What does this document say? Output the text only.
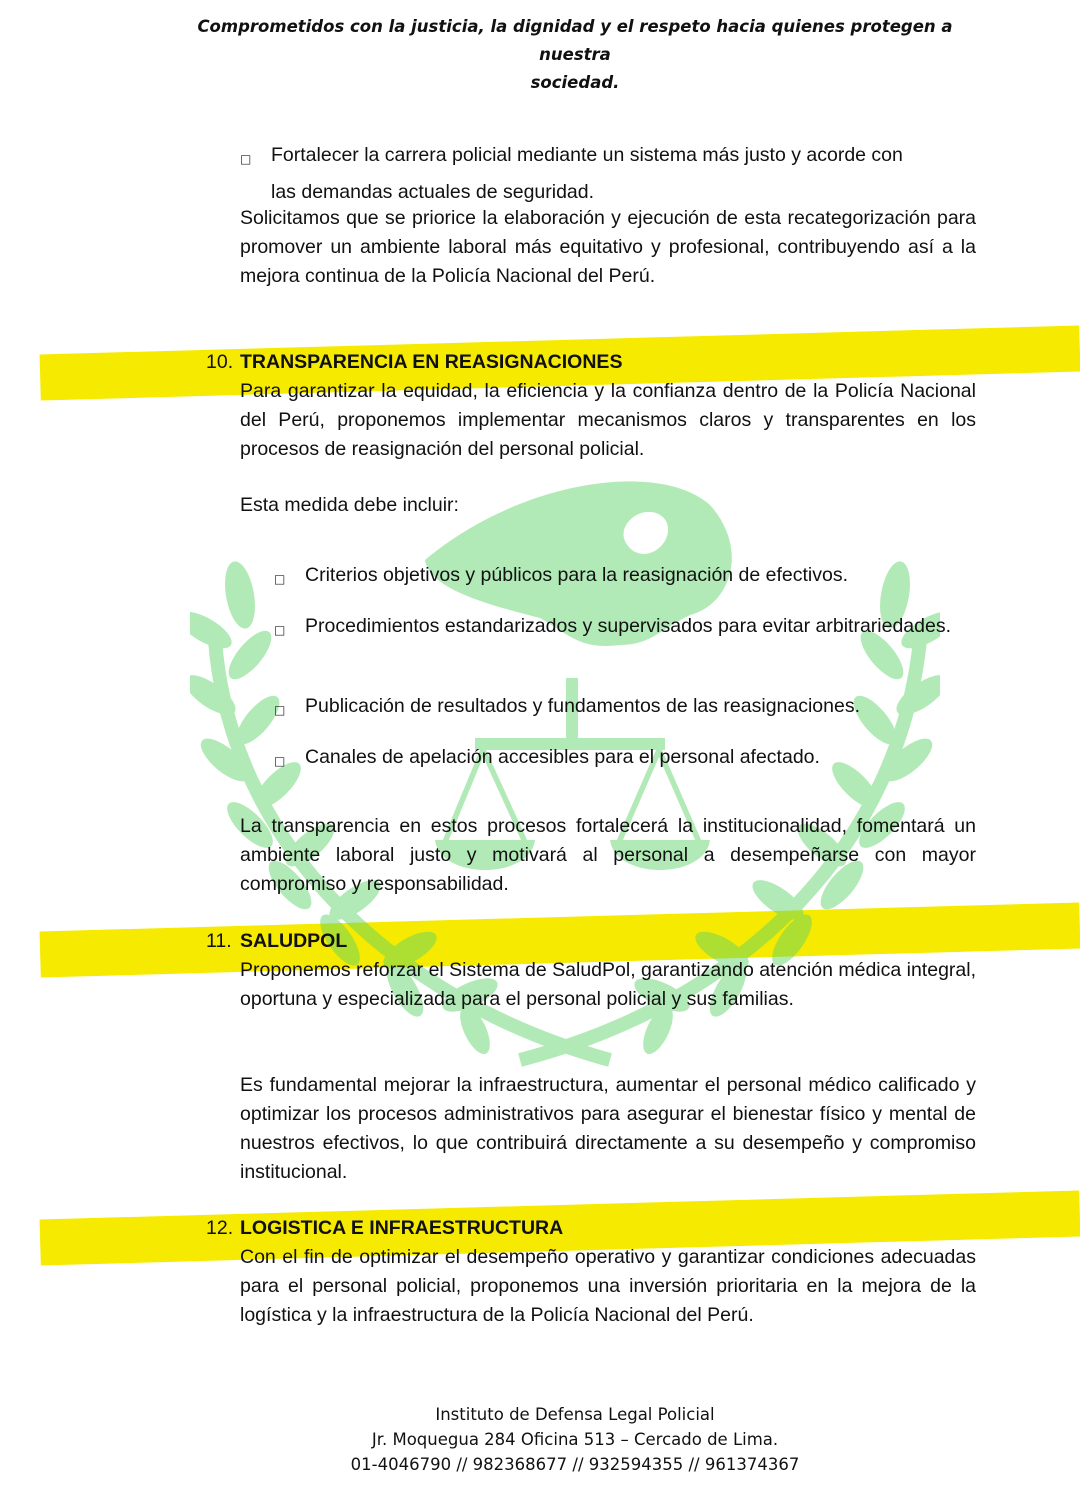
Comprometidos con la justicia, la dignidad y el respeto hacia quienes protegen a nuestra
sociedad.
□ Fortalecer la carrera policial mediante un sistema más justo y acorde con
las demandas actuales de seguridad.

Solicitamos que se priorice la elaboración y ejecución de esta recategorización para promover un ambiente laboral más equitativo y profesional, contribuyendo así a la mejora continua de la Policía Nacional del Perú.

10. TRANSPARENCIA EN REASIGNACIONES

Para garantizar la equidad, la eficiencia y la confianza dentro de la Policía Nacional del Perú, proponemos implementar mecanismos claros y transparentes en los procesos de reasignación del personal policial.

Esta medida debe incluir:

□ Criterios objetivos y públicos para la reasignación de efectivos.
□ Procedimientos estandarizados y supervisados para evitar arbitrariedades.
□ Publicación de resultados y fundamentos de las reasignaciones.
□ Canales de apelación accesibles para el personal afectado.

La transparencia en estos procesos fortalecerá la institucionalidad, fomentará un ambiente laboral justo y motivará al personal a desempeñarse con mayor compromiso y responsabilidad.

11. SALUDPOL

Proponemos reforzar el Sistema de SaludPol, garantizando atención médica integral, oportuna y especializada para el personal policial y sus familias.

Es fundamental mejorar la infraestructura, aumentar el personal médico calificado y optimizar los procesos administrativos para asegurar el bienestar físico y mental de nuestros efectivos, lo que contribuirá directamente a su desempeño y compromiso institucional.

12. LOGISTICA E INFRAESTRUCTURA

Con el fin de optimizar el desempeño operativo y garantizar condiciones adecuadas para el personal policial, proponemos una inversión prioritaria en la mejora de la logística y la infraestructura de la Policía Nacional del Perú.

Instituto de Defensa Legal Policial
Jr. Moquegua 284 Oficina 513 – Cercado de Lima.
01-4046790 // 982368677 // 932594355 // 961374367
